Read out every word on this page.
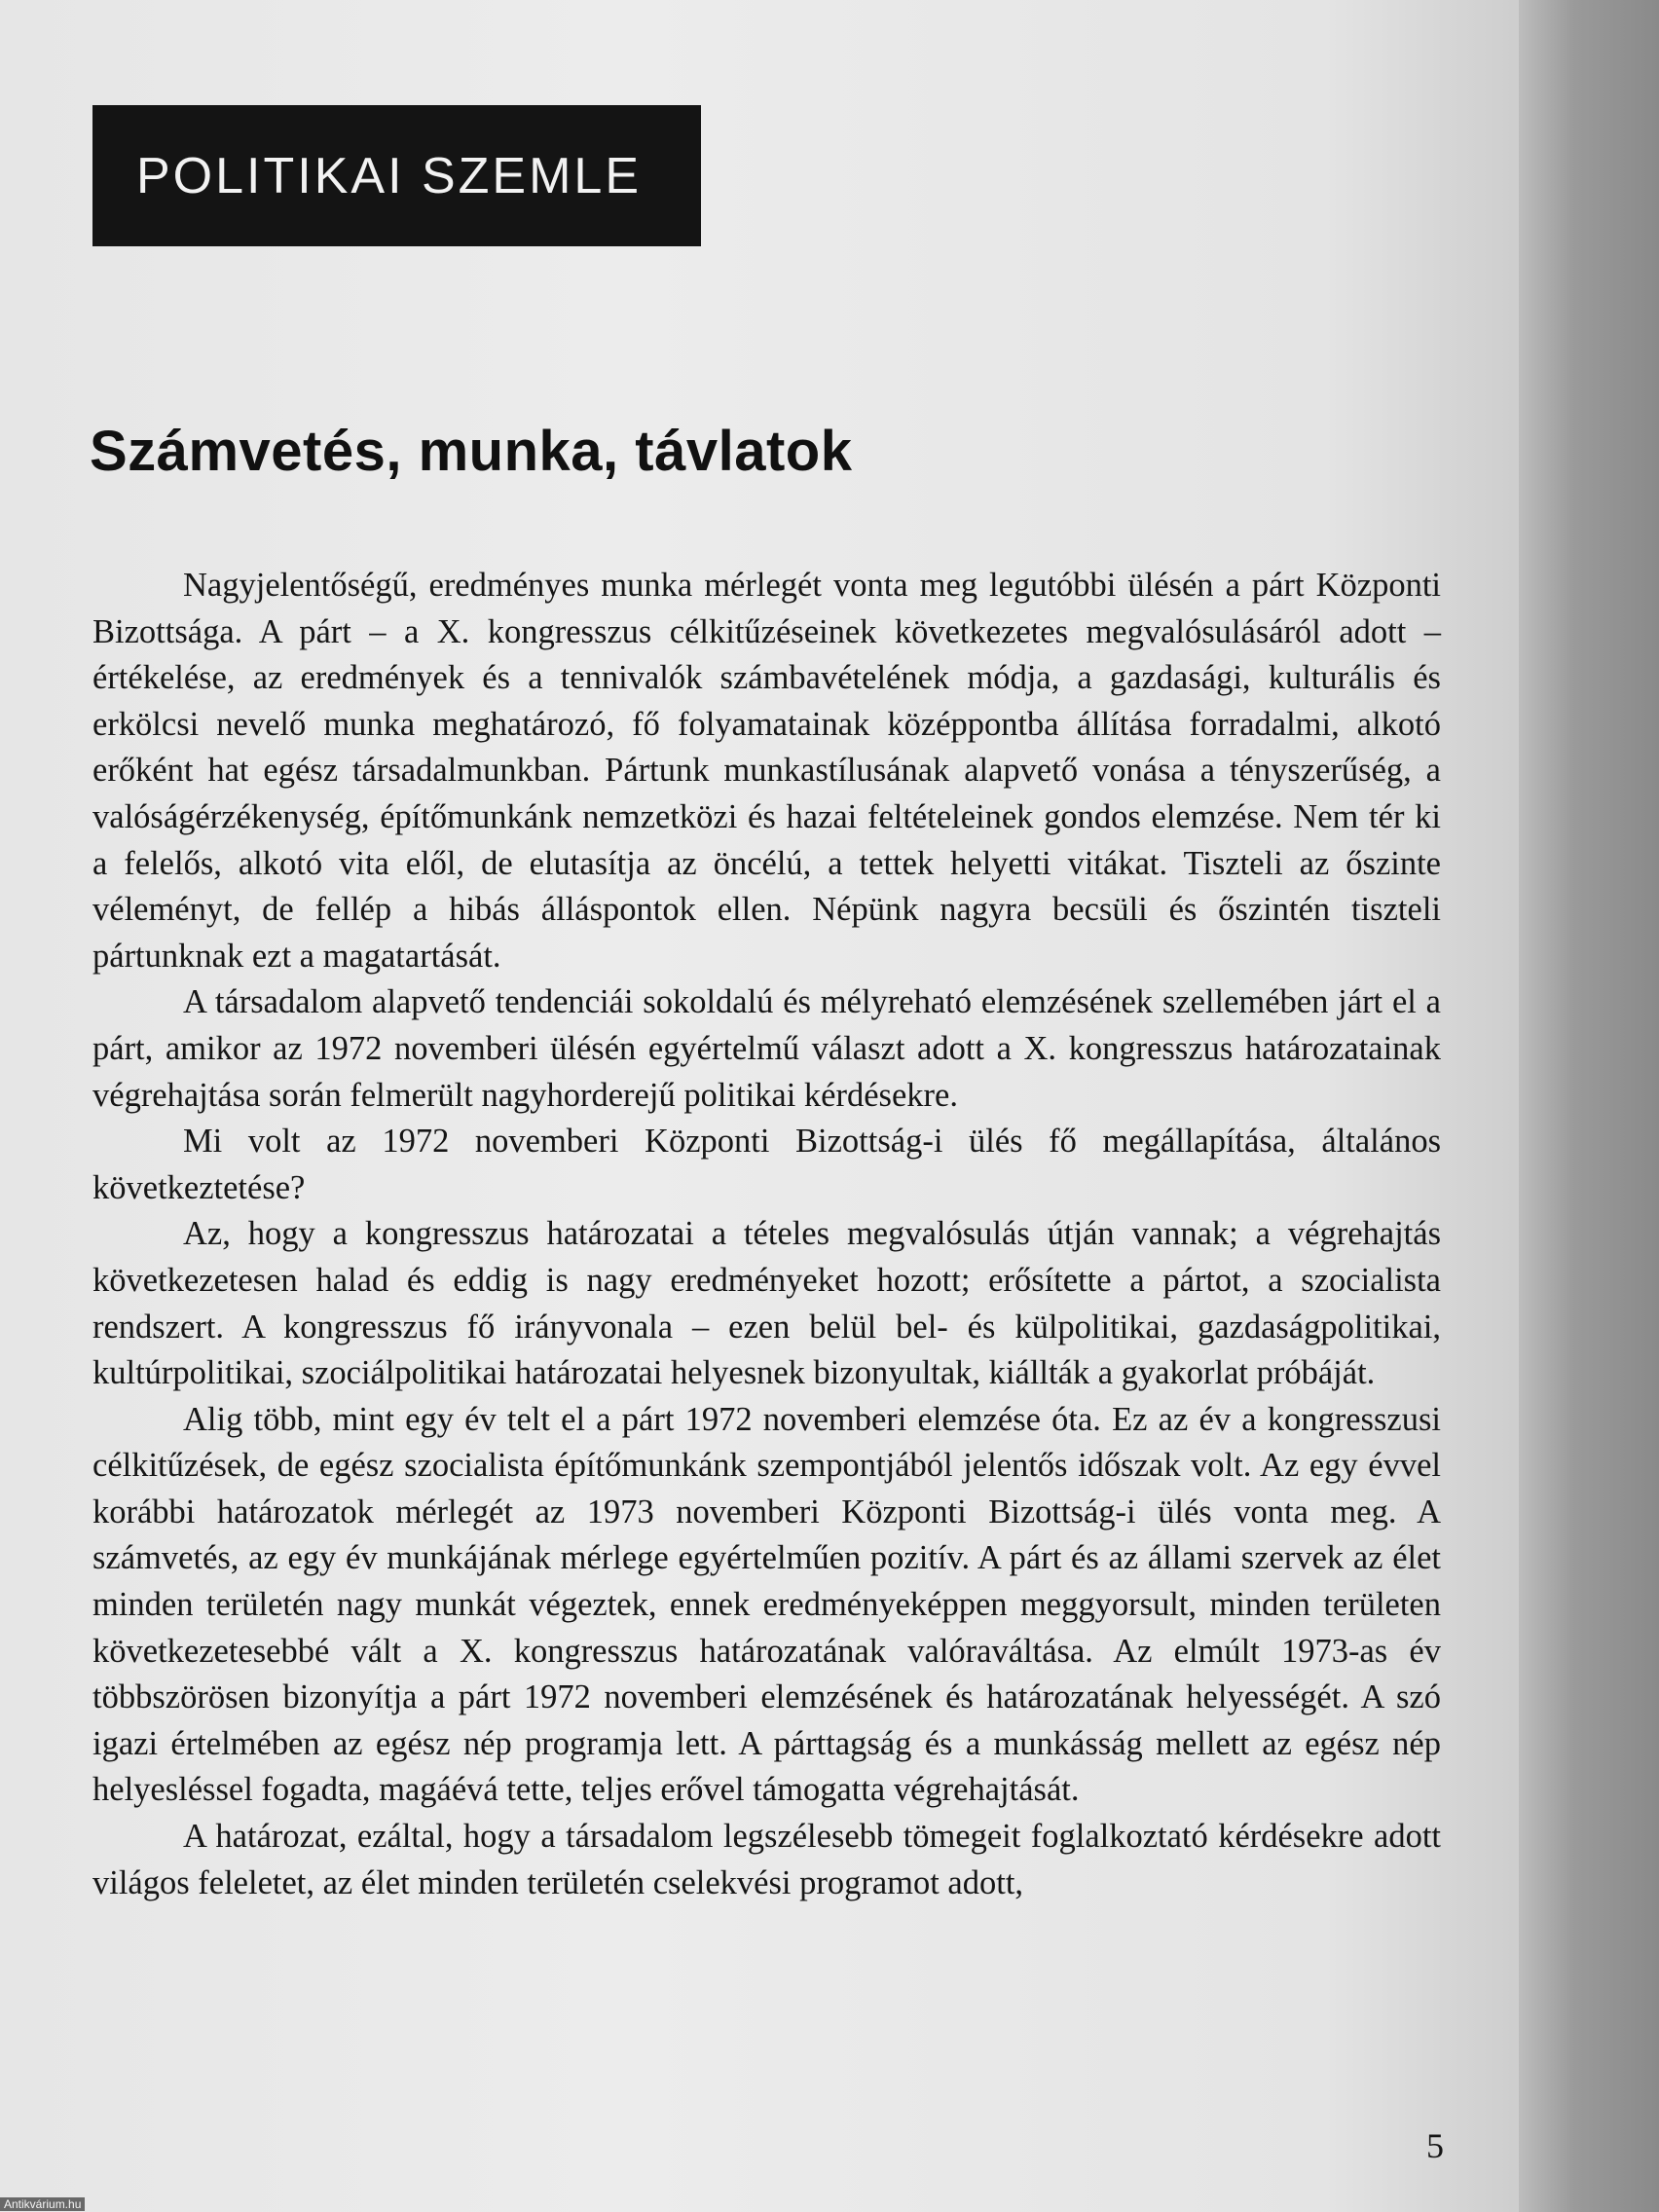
POLITIKAI SZEMLE
Számvetés, munka, távlatok

Nagyjelentőségű, eredményes munka mérlegét vonta meg legutóbbi ülésén a párt Központi Bizottsága. A párt – a X. kongresszus célkitűzéseinek következetes megvalósulásáról adott – értékelése, az eredmények és a tennivalók számbavételének módja, a gazdasági, kulturális és erkölcsi nevelő munka meghatározó, fő folyamatainak középpontba állítása forradalmi, alkotó erőként hat egész társadalmunkban. Pártunk munkastílusának alapvető vonása a tényszerűség, a valóságérzékenység, építőmunkánk nemzetközi és hazai feltételeinek gondos elemzése. Nem tér ki a felelős, alkotó vita elől, de elutasítja az öncélú, a tettek helyetti vitákat. Tiszteli az őszinte véleményt, de fellép a hibás álláspontok ellen. Népünk nagyra becsüli és őszintén tiszteli pártunknak ezt a magatartását.

A társadalom alapvető tendenciái sokoldalú és mélyreható elemzésének szellemében járt el a párt, amikor az 1972 novemberi ülésén egyértelmű választ adott a X. kongresszus határozatainak végrehajtása során felmerült nagyhorderejű politikai kérdésekre.

Mi volt az 1972 novemberi Központi Bizottság-i ülés fő megállapítása, általános következtetése?

Az, hogy a kongresszus határozatai a tételes megvalósulás útján vannak; a végrehajtás következetesen halad és eddig is nagy eredményeket hozott; erősítette a pártot, a szocialista rendszert. A kongresszus fő irányvonala – ezen belül bel- és külpolitikai, gazdaságpolitikai, kultúrpolitikai, szociálpolitikai határozatai helyesnek bizonyultak, kiállták a gyakorlat próbáját.

Alig több, mint egy év telt el a párt 1972 novemberi elemzése óta. Ez az év a kongresszusi célkitűzések, de egész szocialista építőmunkánk szempontjából jelentős időszak volt. Az egy évvel korábbi határozatok mérlegét az 1973 novemberi Központi Bizottság-i ülés vonta meg. A számvetés, az egy év munkájának mérlege egyértelműen pozitív. A párt és az állami szervek az élet minden területén nagy munkát végeztek, ennek eredményeképpen meggyorsult, minden területen következetesebbé vált a X. kongresszus határozatának valóraváltása. Az elmúlt 1973-as év többszörösen bizonyítja a párt 1972 novemberi elemzésének és határozatának helyességét. A szó igazi értelmében az egész nép programja lett. A párttagság és a munkásság mellett az egész nép helyesléssel fogadta, magáévá tette, teljes erővel támogatta végrehajtását.

A határozat, ezáltal, hogy a társadalom legszélesebb tömegeit foglalkoztató kérdésekre adott világos feleletet, az élet minden területén cselekvési programot adott,

5
Antikvárium.hu
